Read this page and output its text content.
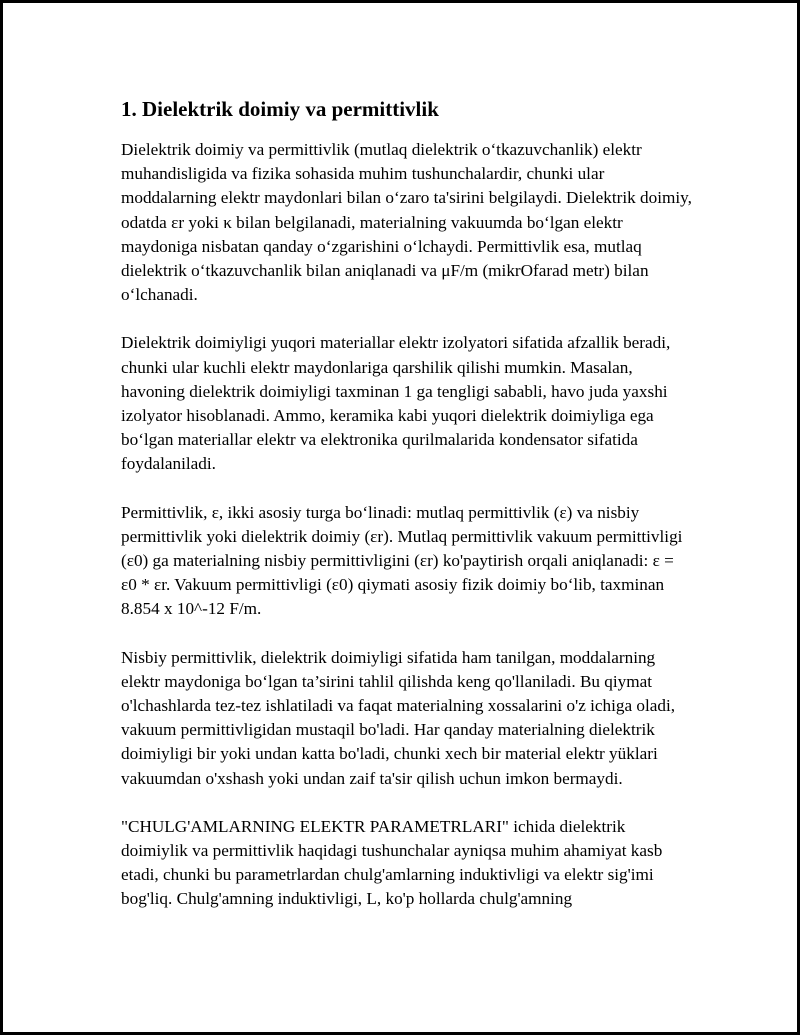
1. Dielektrik doimiy va permittivlik

Dielektrik doimiy va permittivlik (mutlaq dielektrik o‘tkazuvchanlik) elektr muhandisligida va fizika sohasida muhim tushunchalardir, chunki ular moddalarning elektr maydonlari bilan o‘zaro ta'sirini belgilaydi. Dielektrik doimiy, odatda εr yoki κ bilan belgilanadi, materialning vakuumda bo‘lgan elektr maydoniga nisbatan qanday o‘zgarishini o‘lchaydi. Permittivlik esa, mutlaq dielektrik o‘tkazuvchanlik bilan aniqlanadi va μF/m (mikrOfarad metr) bilan o‘lchanadi.

Dielektrik doimiyligi yuqori materiallar elektr izolyatori sifatida afzallik beradi, chunki ular kuchli elektr maydonlariga qarshilik qilishi mumkin. Masalan, havoning dielektrik doimiyligi taxminan 1 ga tengligi sababli, havo juda yaxshi izolyator hisoblanadi. Ammo, keramika kabi yuqori dielektrik doimiyliga ega bo‘lgan materiallar elektr va elektronika qurilmalarida kondensator sifatida foydalaniladi.

Permittivlik, ε, ikki asosiy turga bo‘linadi: mutlaq permittivlik (ε) va nisbiy permittivlik yoki dielektrik doimiy (εr). Mutlaq permittivlik vakuum permittivligi (ε0) ga materialning nisbiy permittivligini (εr) ko'paytirish orqali aniqlanadi: ε = ε0 * εr. Vakuum permittivligi (ε0) qiymati asosiy fizik doimiy bo‘lib, taxminan 8.854 x 10^-12 F/m.

Nisbiy permittivlik, dielektrik doimiyligi sifatida ham tanilgan, moddalarning elektr maydoniga bo‘lgan ta’sirini tahlil qilishda keng qo'llaniladi. Bu qiymat o'lchashlarda tez-tez ishlatiladi va faqat materialning xossalarini o'z ichiga oladi, vakuum permittivligidan mustaqil bo'ladi. Har qanday materialning dielektrik doimiyligi bir yoki undan katta bo'ladi, chunki xech bir material elektr yüklari vakuumdan o'xshash yoki undan zaif ta'sir qilish uchun imkon bermaydi.

"CHULG'AMLARNING ELEKTR PARAMETRLARI" ichida dielektrik doimiylik va permittivlik haqidagi tushunchalar ayniqsa muhim ahamiyat kasb etadi, chunki bu parametrlardan chulg'amlarning induktivligi va elektr sig'imi bog'liq. Chulg'amning induktivligi, L, ko'p hollarda chulg'amning
